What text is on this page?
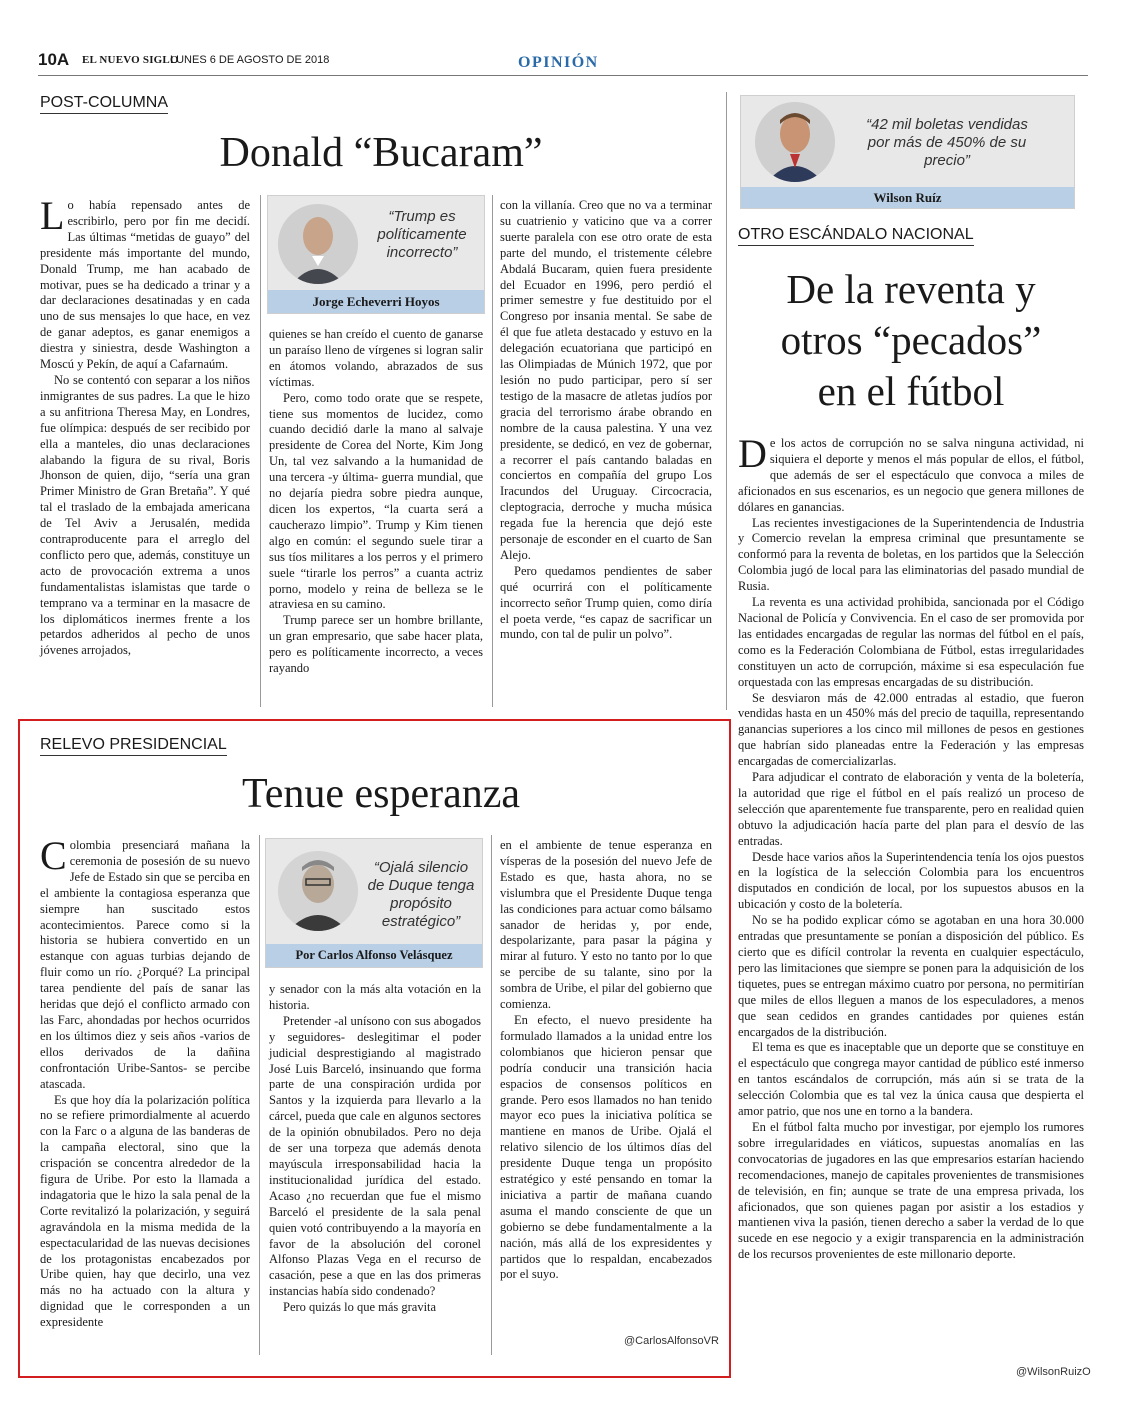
10A EL NUEVO SIGLO
LUNES 6 DE AGOSTO DE 2018	OPINIÓN
POST-COLUMNA
Donald “Bucaram”

Lo había repensado antes de escribirlo, pero por fin me decidí. Las últimas “metidas de guayo” del presidente más importante del mundo, Donald Trump, me han acabado de motivar, pues se ha dedicado a trinar y a dar declaraciones desatinadas y en cada uno de sus mensajes lo que hace, en vez de ganar adeptos, es ganar enemigos a diestra y siniestra, desde Washington a Moscú y Pekín, de aquí a Cafarnaúm.

No se contentó con separar a los niños inmigrantes de sus padres. La que le hizo a su anfitriona Theresa May, en Londres, fue olímpica: después de ser recibido por ella a manteles, dio unas declaraciones alabando la figura de su rival, Boris Jhonson de quien, dijo, “sería una gran Primer Ministro de Gran Bretaña”. Y qué tal el traslado de la embajada americana de Tel Aviv a Jerusalén, medida contraproducente para el arreglo del conflicto pero que, además, constituye un acto de provocación extrema a unos fundamentalistas islamistas que tarde o temprano va a terminar en la masacre de los diplomáticos inermes frente a los petardos adheridos al pecho de unos jóvenes arrojados,

“Trump es políticamente incorrecto”
Jorge Echeverri Hoyos

quienes se han creído el cuento de ganarse un paraíso lleno de vírgenes si logran salir en átomos volando, abrazados de sus víctimas.

Pero, como todo orate que se respete, tiene sus momentos de lucidez, como cuando decidió darle la mano al salvaje presidente de Corea del Norte, Kim Jong Un, tal vez salvando a la humanidad de una tercera -y última- guerra mundial, que no dejaría piedra sobre piedra aunque, dicen los expertos, “la cuarta será a caucherazo limpio”. Trump y Kim tienen algo en común: el segundo suele tirar a sus tíos militares a los perros y el primero suele “tirarle los perros” a cuanta actriz porno, modelo y reina de belleza se le atraviesa en su camino.

Trump parece ser un hombre brillante, un gran empresario, que sabe hacer plata, pero es políticamente incorrecto, a veces rayando

con la villanía. Creo que no va a terminar su cuatrienio y vaticino que va a correr suerte paralela con ese otro orate de esta parte del mundo, el tristemente célebre Abdalá Bucaram, quien fuera presidente del Ecuador en 1996, pero perdió el primer semestre y fue destituido por el Congreso por insania mental. Se sabe de él que fue atleta destacado y estuvo en la delegación ecuatoriana que participó en las Olimpiadas de Múnich 1972, que por lesión no pudo participar, pero sí ser testigo de la masacre de atletas judíos por gracia del terrorismo árabe obrando en nombre de la causa palestina. Y una vez presidente, se dedicó, en vez de gobernar, a recorrer el país cantando baladas en conciertos en compañía del grupo Los Iracundos del Uruguay. Circocracia, cleptogracia, derroche y mucha música regada fue la herencia que dejó este personaje de esconder en el cuarto de San Alejo.

Pero quedamos pendientes de saber qué ocurrirá con el políticamente incorrecto señor Trump quien, como diría el poeta verde, “es capaz de sacrificar un mundo, con tal de pulir un polvo”.

“42 mil boletas vendidas por más de 450% de su precio”
Wilson Ruíz
OTRO ESCÁNDALO NACIONAL
De la reventa y
otros “pecados”
en el fútbol

De los actos de corrupción no se salva ninguna actividad, ni siquiera el deporte y menos el más popular de ellos, el fútbol, que además de ser el espectáculo que convoca a miles de aficionados en sus escenarios, es un negocio que genera millones de dólares en ganancias.

Las recientes investigaciones de la Superintendencia de Industria y Comercio revelan la empresa criminal que presuntamente se conformó para la reventa de boletas, en los partidos que la Selección Colombia jugó de local para las eliminatorias del pasado mundial de Rusia.

La reventa es una actividad prohibida, sancionada por el Código Nacional de Policía y Convivencia. En el caso de ser promovida por las entidades encargadas de regular las normas del fútbol en el país, como es la Federación Colombiana de Fútbol, estas irregularidades constituyen un acto de corrupción, máxime si esa especulación fue orquestada con las empresas encargadas de su distribución.

Se desviaron más de 42.000 entradas al estadio, que fueron vendidas hasta en un 450% más del precio de taquilla, representando ganancias superiores a los cinco mil millones de pesos en gestiones que habrían sido planeadas entre la Federación y las empresas encargadas de comercializarlas.

Para adjudicar el contrato de elaboración y venta de la boletería, la autoridad que rige el fútbol en el país realizó un proceso de selección que aparentemente fue transparente, pero en realidad quien obtuvo la adjudicación hacía parte del plan para el desvío de las entradas.

Desde hace varios años la Superintendencia tenía los ojos puestos en la logística de la selección Colombia para los encuentros disputados en condición de local, por los supuestos abusos en la ubicación y costo de la boletería.

No se ha podido explicar cómo se agotaban en una hora 30.000 entradas que presuntamente se ponían a disposición del público. Es cierto que es difícil controlar la reventa en cualquier espectáculo, pero las limitaciones que siempre se ponen para la adquisición de los tiquetes, pues se entregan máximo cuatro por persona, no permitirían que miles de ellos lleguen a manos de los especuladores, a menos que sean cedidos en grandes cantidades por quienes están encargados de la distribución.

El tema es que es inaceptable que un deporte que se constituye en el espectáculo que congrega mayor cantidad de público esté inmerso en tantos escándalos de corrupción, más aún si se trata de la selección Colombia que es tal vez la única causa que despierta el amor patrio, que nos une en torno a la bandera.

En el fútbol falta mucho por investigar, por ejemplo los rumores sobre irregularidades en viáticos, supuestas anomalías en las convocatorias de jugadores en las que empresarios estarían haciendo recomendaciones, manejo de capitales provenientes de transmisiones de televisión, en fin; aunque se trate de una empresa privada, los aficionados, que son quienes pagan por asistir a los estadios y mantienen viva la pasión, tienen derecho a saber la verdad de lo que sucede en ese negocio y a exigir transparencia en la administración de los recursos provenientes de este millonario deporte.

@WilsonRuizO
RELEVO PRESIDENCIAL
Tenue esperanza

Colombia presenciará mañana la ceremonia de posesión de su nuevo Jefe de Estado sin que se perciba en el ambiente la contagiosa esperanza que siempre han suscitado estos acontecimientos. Parece como si la historia se hubiera convertido en un estanque con aguas turbias dejando de fluir como un río. ¿Porqué? La principal tarea pendiente del país de sanar las heridas que dejó el conflicto armado con las Farc, ahondadas por hechos ocurridos en los últimos diez y seis años -varios de ellos derivados de la dañina confrontación Uribe-Santos- se percibe atascada.

Es que hoy día la polarización política no se refiere primordialmente al acuerdo con la Farc o a alguna de las banderas de la campaña electoral, sino que la crispación se concentra alrededor de la figura de Uribe. Por esto la llamada a indagatoria que le hizo la sala penal de la Corte revitalizó la polarización, y seguirá agravándola en la misma medida de la espectacularidad de las nuevas decisiones de los protagonistas encabezados por Uribe quien, hay que decirlo, una vez más no ha actuado con la altura y dignidad que le corresponden a un expresidente

“Ojalá silencio de Duque tenga propósito estratégico”
Por Carlos Alfonso Velásquez

y senador con la más alta votación en la historia.

Pretender -al unísono con sus abogados y seguidores- deslegitimar el poder judicial desprestigiando al magistrado José Luis Barceló, insinuando que forma parte de una conspiración urdida por Santos y la izquierda para llevarlo a la cárcel, pueda que cale en algunos sectores de la opinión obnubilados. Pero no deja de ser una torpeza que además denota mayúscula irresponsabilidad hacia la institucionalidad jurídica del estado. Acaso ¿no recuerdan que fue el mismo Barceló el presidente de la sala penal quien votó contribuyendo a la mayoría en favor de la absolución del coronel Alfonso Plazas Vega en el recurso de casación, pese a que en las dos primeras instancias había sido condenado?

Pero quizás lo que más gravita

en el ambiente de tenue esperanza en vísperas de la posesión del nuevo Jefe de Estado es que, hasta ahora, no se vislumbra que el Presidente Duque tenga las condiciones para actuar como bálsamo sanador de heridas y, por ende, despolarizante, para pasar la página y mirar al futuro. Y esto no tanto por lo que se percibe de su talante, sino por la sombra de Uribe, el pilar del gobierno que comienza.

En efecto, el nuevo presidente ha formulado llamados a la unidad entre los colombianos que hicieron pensar que podría conducir una transición hacia espacios de consensos políticos en grande. Pero esos llamados no han tenido mayor eco pues la iniciativa política se mantiene en manos de Uribe. Ojalá el relativo silencio de los últimos días del presidente Duque tenga un propósito estratégico y esté pensando en tomar la iniciativa a partir de mañana cuando asuma el mando consciente de que un gobierno se debe fundamentalmente a la nación, más allá de los expresidentes y partidos que lo respaldan, encabezados por el suyo.

@CarlosAlfonsoVR
